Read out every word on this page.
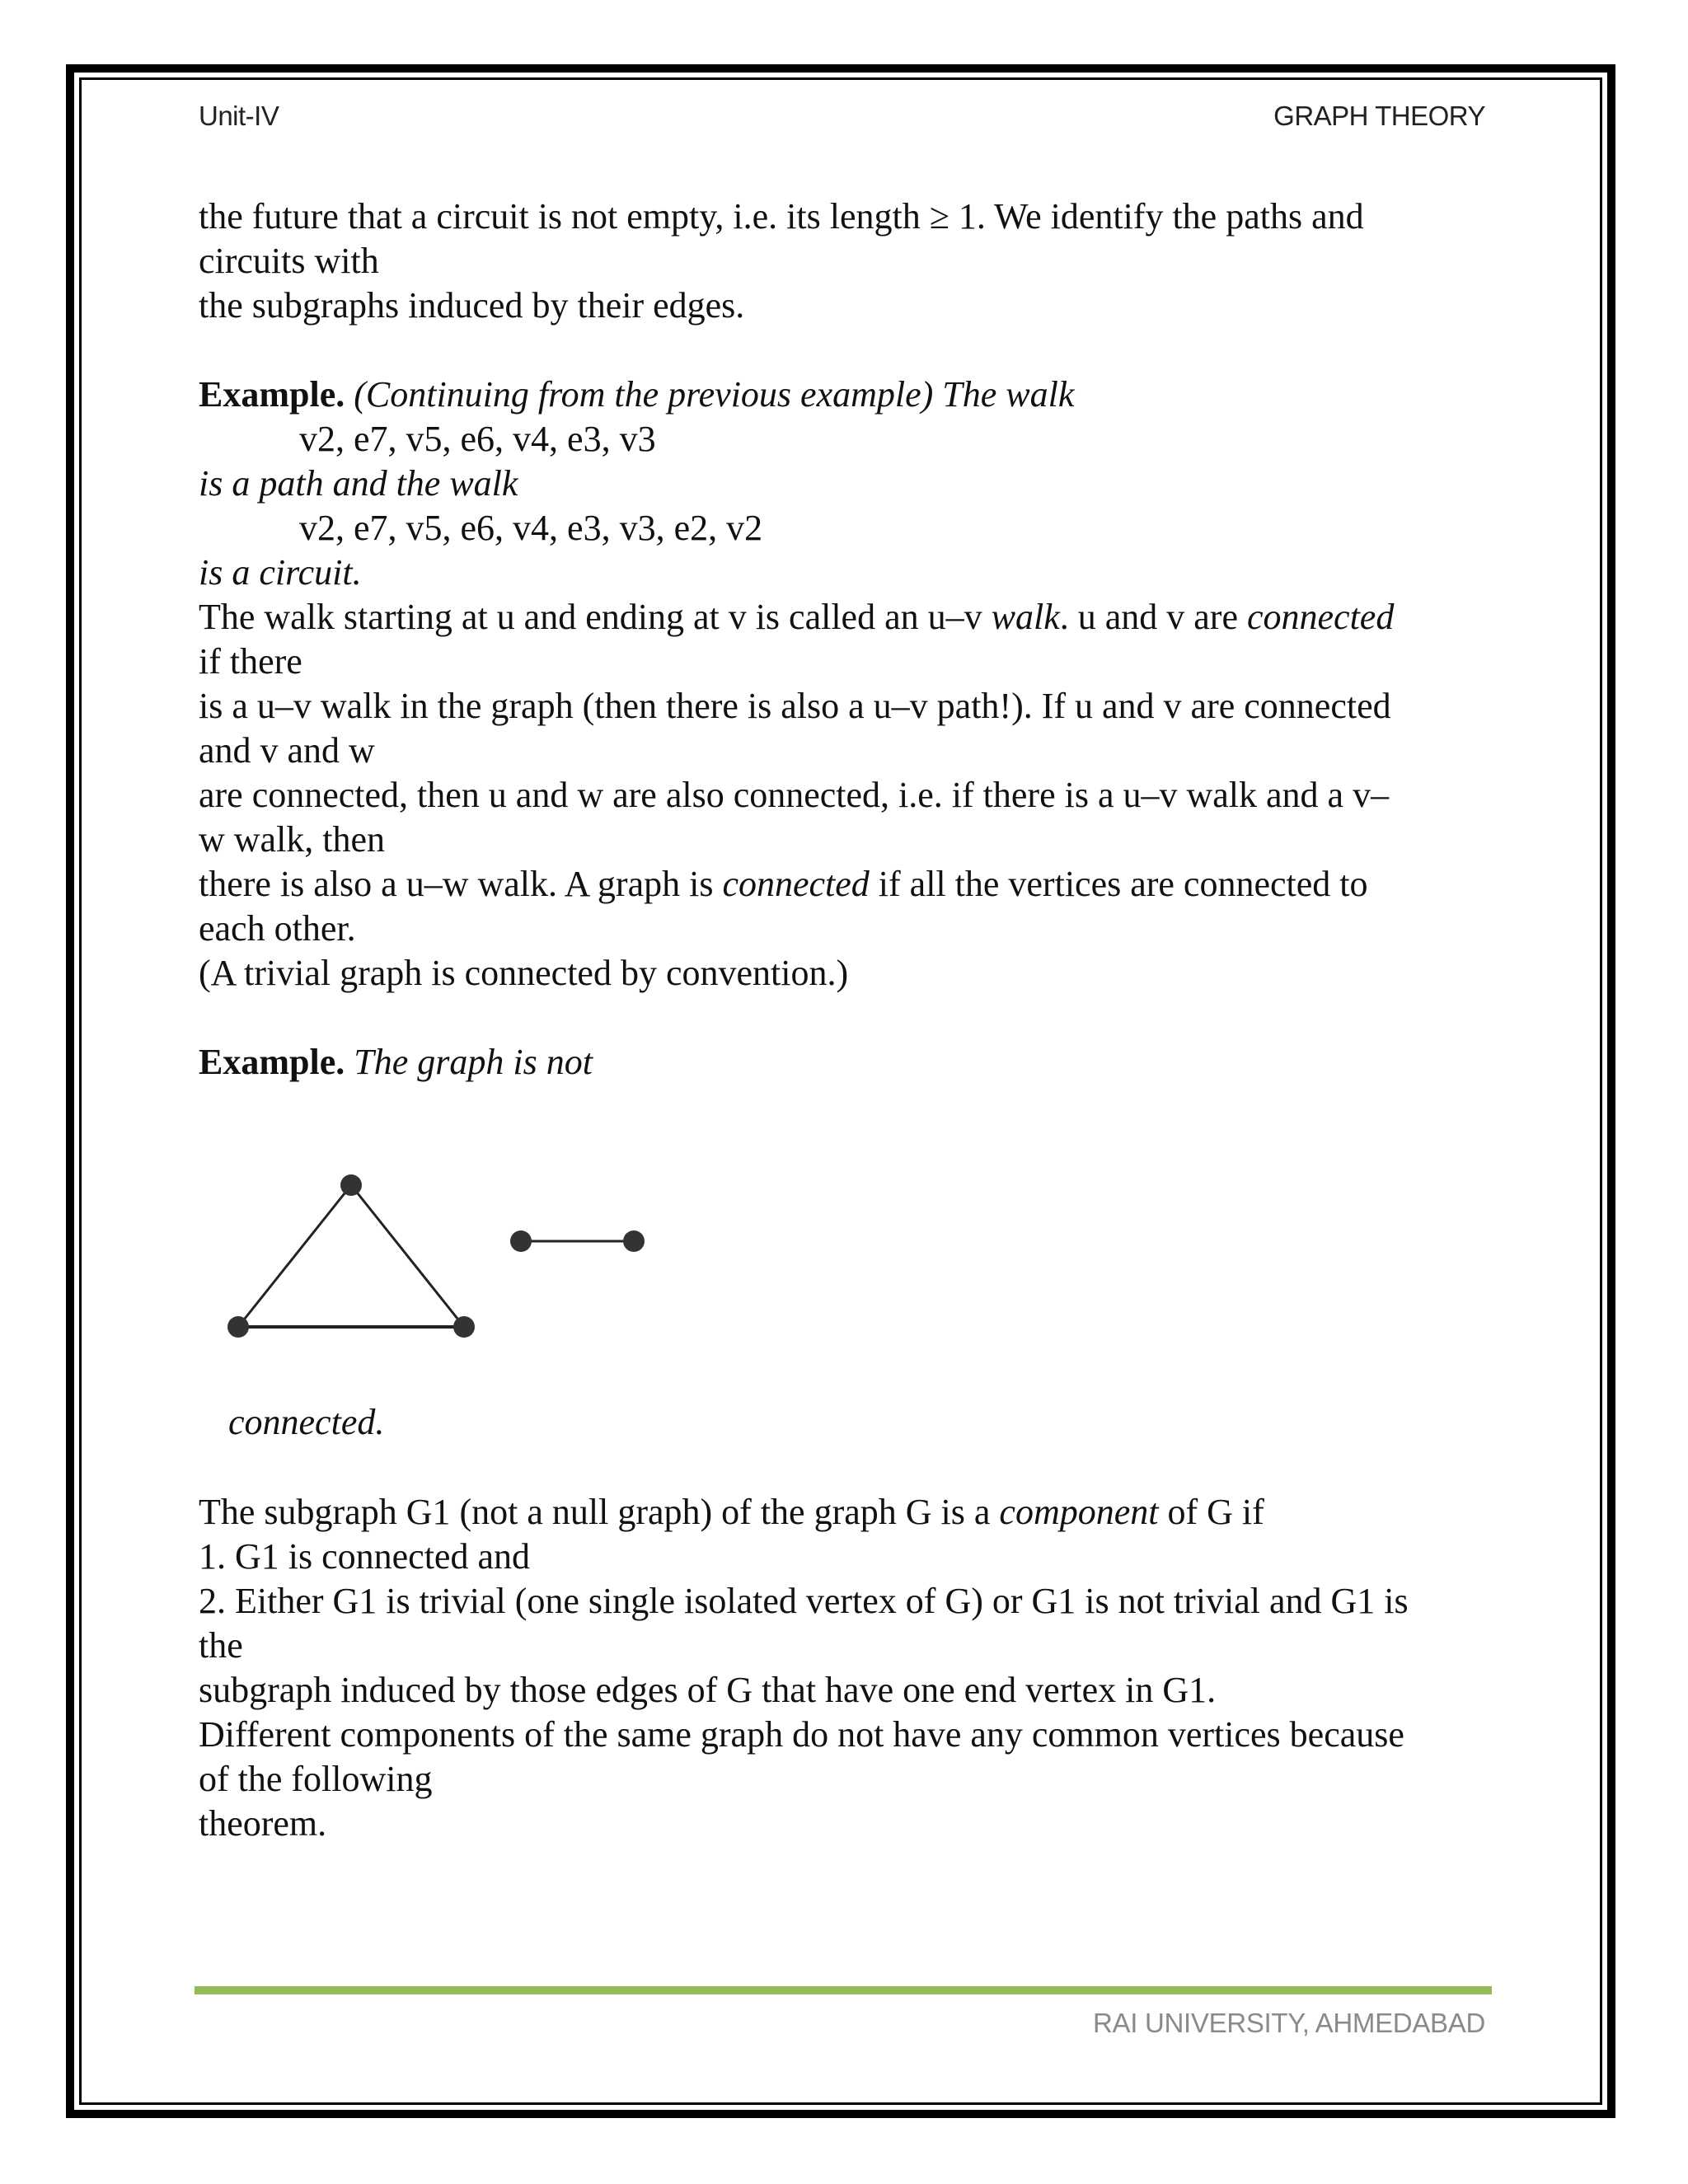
Unit-IV	GRAPH THEORY
the future that a circuit is not empty, i.e. its length ≥ 1. We identify the paths and
circuits with
the subgraphs induced by their edges.
Example. (Continuing from the previous example) The walk
v2, e7, v5, e6, v4, e3, v3
is a path and the walk
v2, e7, v5, e6, v4, e3, v3, e2, v2
is a circuit.
The walk starting at u and ending at v is called an u–v walk. u and v are connected
if there
is a u–v walk in the graph (then there is also a u–v path!). If u and v are connected
and v and w
are connected, then u and w are also connected, i.e. if there is a u–v walk and a v–
w walk, then
there is also a u–w walk. A graph is connected if all the vertices are connected to
each other.
(A trivial graph is connected by convention.)
Example. The graph is not
connected.
The subgraph G1 (not a null graph) of the graph G is a component of G if
1. G1 is connected and
2. Either G1 is trivial (one single isolated vertex of G) or G1 is not trivial and G1 is
the
subgraph induced by those edges of G that have one end vertex in G1.
Different components of the same graph do not have any common vertices because
of the following
theorem.
RAI UNIVERSITY, AHMEDABAD
